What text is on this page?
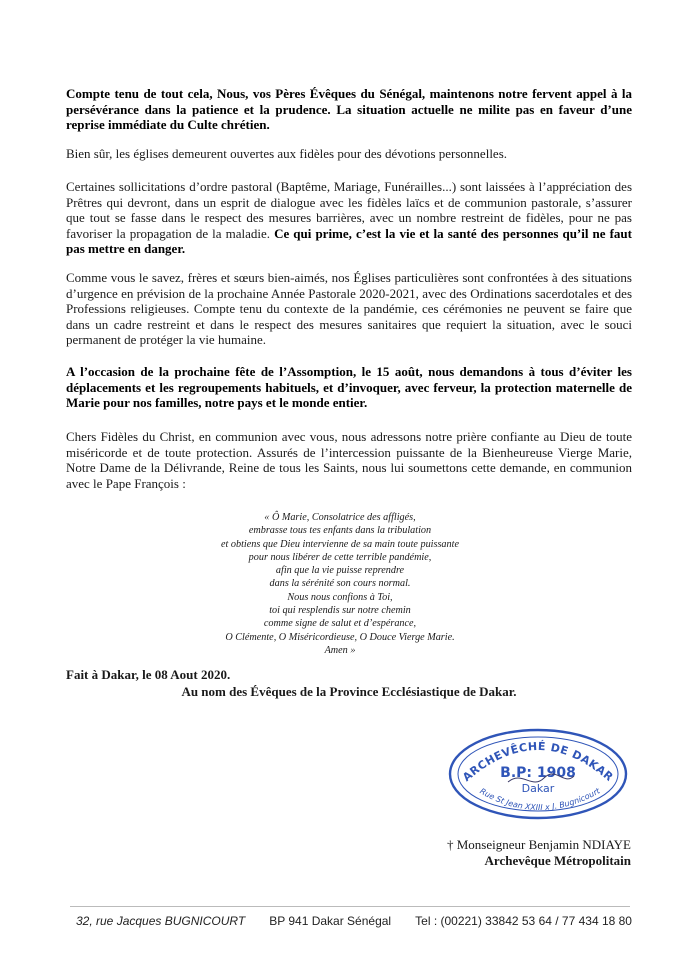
Compte tenu de tout cela, Nous, vos Pères Évêques du Sénégal, maintenons notre fervent appel à la persévérance dans la patience et la prudence. La situation actuelle ne milite pas en faveur d’une reprise immédiate du Culte chrétien.

Bien sûr, les églises demeurent ouvertes aux fidèles pour des dévotions personnelles.

Certaines sollicitations d’ordre pastoral (Baptême, Mariage, Funérailles...) sont laissées à l’appréciation des Prêtres qui devront, dans un esprit de dialogue avec les fidèles laïcs et de communion pastorale, s’assurer que tout se fasse dans le respect des mesures barrières, avec un nombre restreint de fidèles, pour ne pas favoriser la propagation de la maladie. Ce qui prime, c’est la vie et la santé des personnes qu’il ne faut pas mettre en danger.

Comme vous le savez, frères et sœurs bien-aimés, nos Églises particulières sont confrontées à des situations d’urgence en prévision de la prochaine Année Pastorale 2020-2021, avec des Ordinations sacerdotales et des Professions religieuses. Compte tenu du contexte de la pandémie, ces cérémonies ne peuvent se faire que dans un cadre restreint et dans le respect des mesures sanitaires que requiert la situation, avec le souci permanent de protéger la vie humaine.

A l’occasion de la prochaine fête de l’Assomption, le 15 août, nous demandons à tous d’éviter les déplacements et les regroupements habituels, et d’invoquer, avec ferveur, la protection maternelle de Marie pour nos familles, notre pays et le monde entier.

Chers Fidèles du Christ, en communion avec vous, nous adressons notre prière confiante au Dieu de toute miséricorde et de toute protection. Assurés de l’intercession puissante de la Bienheureuse Vierge Marie, Notre Dame de la Délivrande, Reine de tous les Saints, nous lui soumettons cette demande, en communion avec le Pape François :

« Ô Marie, Consolatrice des affligés,
embrasse tous tes enfants dans la tribulation
et obtiens que Dieu intervienne de sa main toute puissante
pour nous libérer de cette terrible pandémie,
afin que la vie puisse reprendre
dans la sérénité son cours normal.
Nous nous confions à Toi,
toi qui resplendis sur notre chemin
comme signe de salut et d’espérance,
O Clémente, O Miséricordieuse, O Douce Vierge Marie.
Amen »
Fait à Dakar, le 08 Aout 2020.
Au nom des Évêques de la Province Ecclésiastique de Dakar.
ARCHEVÊCHÉ DE DAKAR
B.P: 1908
Dakar
Rue St Jean XXIII x J. Bugnicourt
† Monseigneur Benjamin NDIAYE
Archevêque Métropolitain
32, rue Jacques BUGNICOURT BP 941 Dakar Sénégal Tel : (00221) 33842 53 64 / 77 434 18 80
